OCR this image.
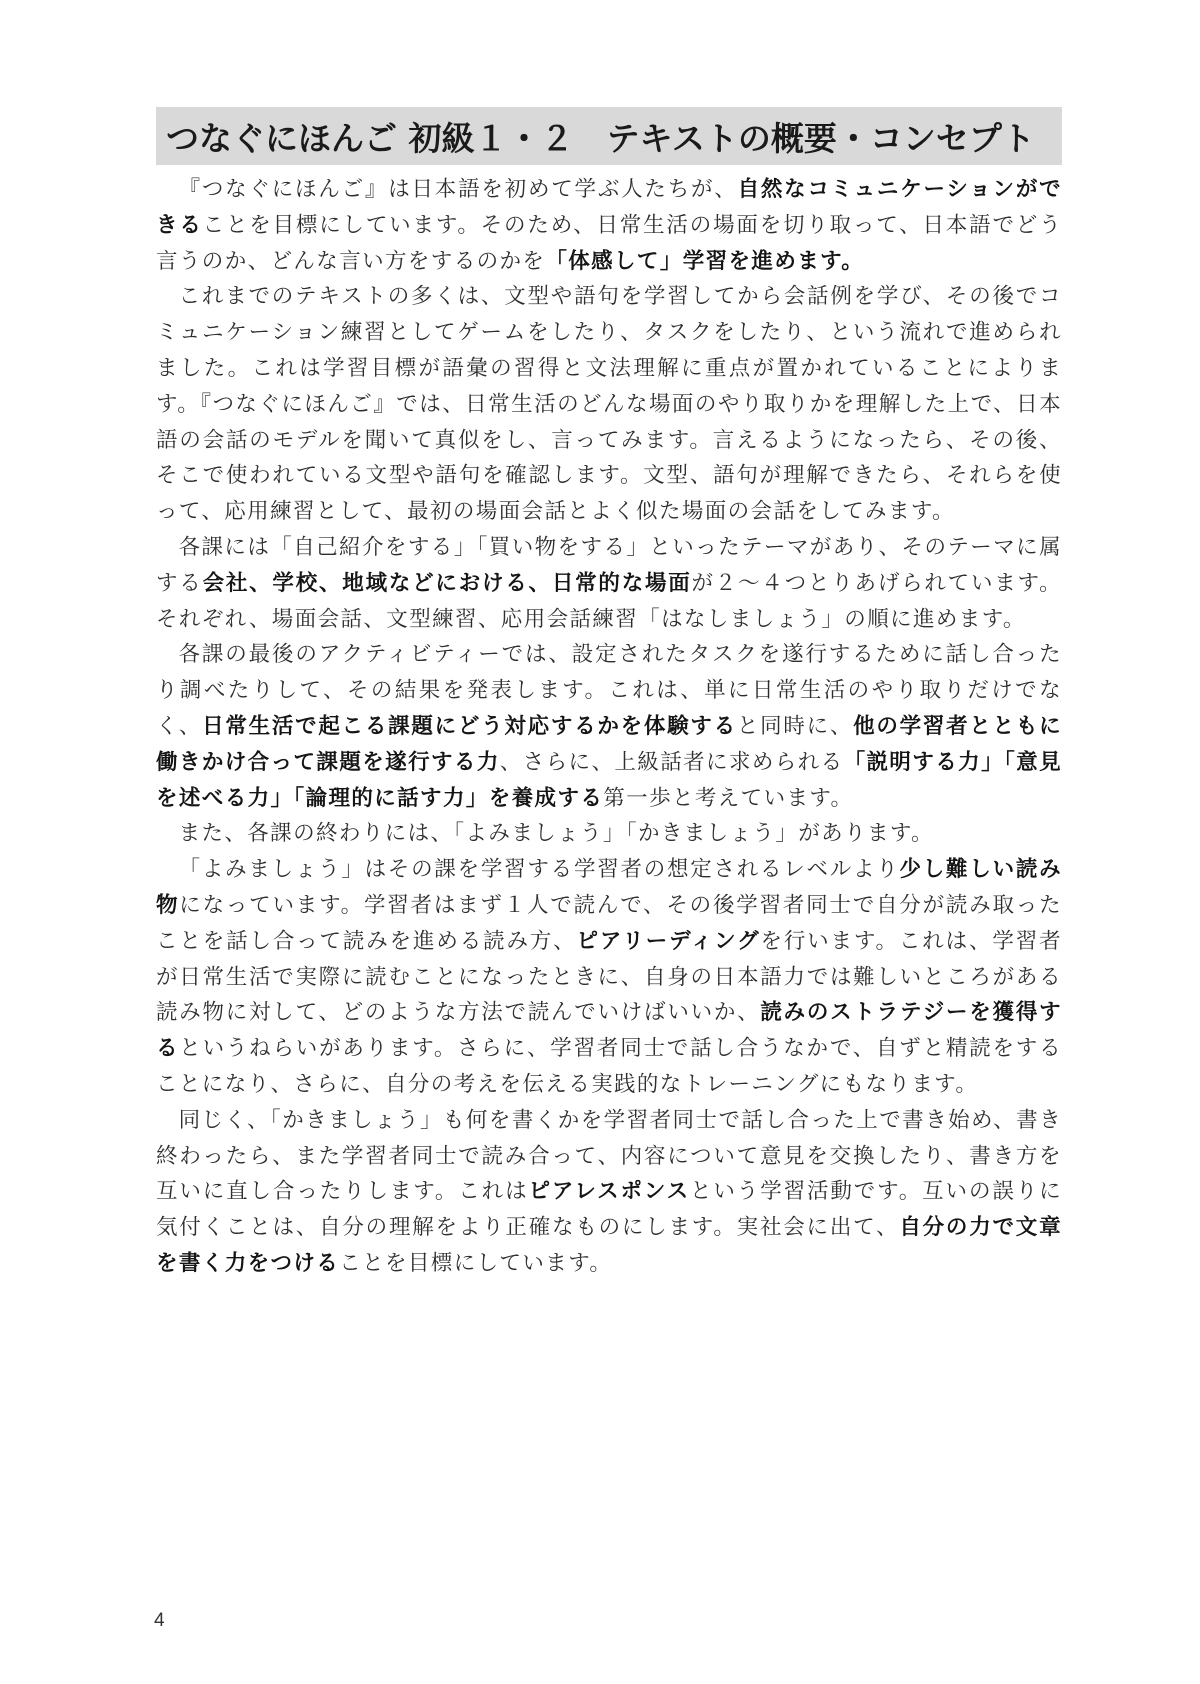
つなぐにほんご 初級１・２　テキストの概要・コンセプト

『つなぐにほんご』は日本語を初めて学ぶ人たちが、自然なコミュニケーションができることを目標にしています。そのため、日常生活の場面を切り取って、日本語でどう言うのか、どんな言い方をするのかを「体感して」学習を進めます。

これまでのテキストの多くは、文型や語句を学習してから会話例を学び、その後でコミュニケーション練習としてゲームをしたり、タスクをしたり、という流れで進められました。これは学習目標が語彙の習得と文法理解に重点が置かれていることによります。『つなぐにほんご』では、日常生活のどんな場面のやり取りかを理解した上で、日本語の会話のモデルを聞いて真似をし、言ってみます。言えるようになったら、その後、そこで使われている文型や語句を確認します。文型、語句が理解できたら、それらを使って、応用練習として、最初の場面会話とよく似た場面の会話をしてみます。

各課には「自己紹介をする」「買い物をする」といったテーマがあり、そのテーマに属する会社、学校、地域などにおける、日常的な場面が２～４つとりあげられています。それぞれ、場面会話、文型練習、応用会話練習「はなしましょう」の順に進めます。

各課の最後のアクティビティーでは、設定されたタスクを遂行するために話し合ったり調べたりして、その結果を発表します。これは、単に日常生活のやり取りだけでなく、日常生活で起こる課題にどう対応するかを体験すると同時に、他の学習者とともに働きかけ合って課題を遂行する力、さらに、上級話者に求められる「説明する力」「意見を述べる力」「論理的に話す力」を養成する第一歩と考えています。

また、各課の終わりには、「よみましょう」「かきましょう」があります。

「よみましょう」はその課を学習する学習者の想定されるレベルより少し難しい読み物になっています。学習者はまず１人で読んで、その後学習者同士で自分が読み取ったことを話し合って読みを進める読み方、ピアリーディングを行います。これは、学習者が日常生活で実際に読むことになったときに、自身の日本語力では難しいところがある読み物に対して、どのような方法で読んでいけばいいか、読みのストラテジーを獲得するというねらいがあります。さらに、学習者同士で話し合うなかで、自ずと精読をすることになり、さらに、自分の考えを伝える実践的なトレーニングにもなります。

同じく、「かきましょう」も何を書くかを学習者同士で話し合った上で書き始め、書き終わったら、また学習者同士で読み合って、内容について意見を交換したり、書き方を互いに直し合ったりします。これはピアレスポンスという学習活動です。互いの誤りに気付くことは、自分の理解をより正確なものにします。実社会に出て、自分の力で文章を書く力をつけることを目標にしています。

4
